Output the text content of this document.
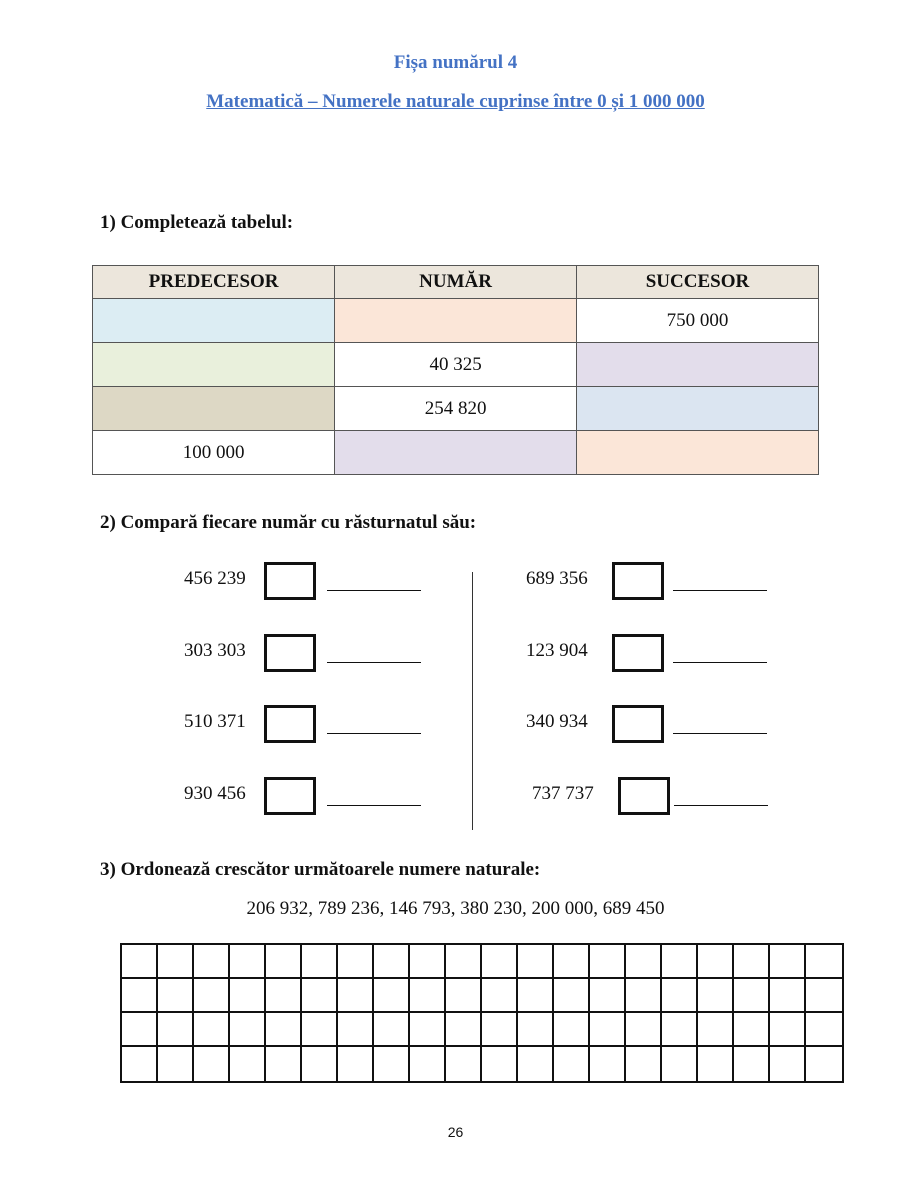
Fișa numărul 4
Matematică – Numerele naturale cuprinse între 0 și 1 000 000
1) Completează tabelul:
PREDECESOR	NUMĂR	SUCCESOR
		750 000
	40 325	
	254 820	
100 000		
2) Compară fiecare număr cu răsturnatul său:
456 239
303 303
510 371
930 456
689 356
123 904
340 934
737 737
3) Ordonează crescător următoarele numere naturale:
206 932, 789 236, 146 793, 380 230, 200 000, 689 450
26
